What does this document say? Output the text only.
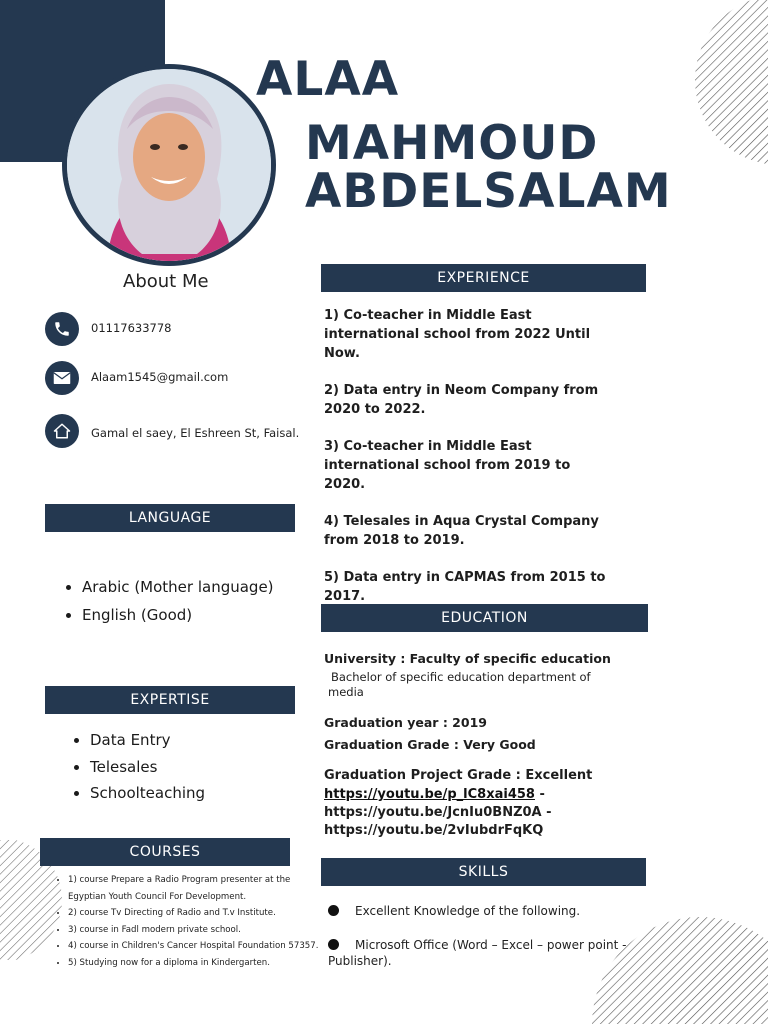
ALAA
MAHMOUD
ABDELSALAM
About Me
01117633778
Alaam1545@gmail.com
Gamal el saey, El Eshreen St, Faisal.
LANGUAGE
• Arabic (Mother language)
• English (Good)
EXPERTISE
• Data Entry
• Telesales
• Schoolteaching
COURSES
• 1) course Prepare a Radio Program presenter at the Egyptian Youth Council For Development.
• 2) course Tv Directing of Radio and T.v Institute.
• 3) course in Fadl modern private school.
• 4) course in Children's Cancer Hospital Foundation 57357.
• 5) Studying now for a diploma in Kindergarten.
EXPERIENCE
1) Co-teacher in Middle East international school from 2022 Until Now.
2) Data entry in Neom Company from 2020 to 2022.
3) Co-teacher in Middle East international school from 2019 to 2020.
4) Telesales in Aqua Crystal Company from 2018 to 2019.
5) Data entry in CAPMAS from 2015 to 2017.
EDUCATION
University : Faculty of specific education
Bachelor of specific education department of media
Graduation year : 2019
Graduation Grade : Very Good
Graduation Project Grade : Excellent
https://youtu.be/p_lC8xai458 -
https://youtu.be/JcnIu0BNZ0A -
https://youtu.be/2vIubdrFqKQ
SKILLS
Excellent Knowledge of the following.
Microsoft Office (Word – Excel – power point - Publisher).
